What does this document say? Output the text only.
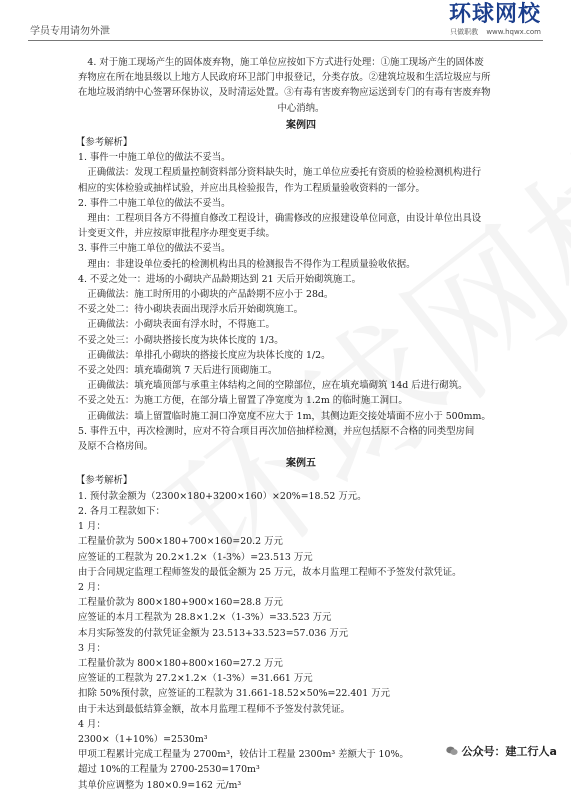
学员专用请勿外泄
环球网校
只做职教 www.hqwx.com

4. 对于施工现场产生的固体废弃物，施工单位应按如下方式进行处理：①施工现场产生的固体废

弃物应在所在地县级以上地方人民政府环卫部门申报登记，分类存放。②建筑垃圾和生活垃圾应与所

在地垃圾消纳中心签署环保协议，及时清运处置。③有毒有害废弃物应运送到专门的有毒有害废弃物

中心消纳。

案例四

【参考解析】

1. 事件一中施工单位的做法不妥当。

正确做法：发现工程质量控制资料部分资料缺失时，施工单位应委托有资质的检验检测机构进行

相应的实体检验或抽样试验，并应出具检验报告，作为工程质量验收资料的一部分。

2. 事件二中施工单位的做法不妥当。

理由：工程项目各方不得擅自修改工程设计，确需修改的应报建设单位同意，由设计单位出具设

计变更文件，并应按原审批程序办理变更手续。

3. 事件三中施工单位的做法不妥当。

理由：非建设单位委托的检测机构出具的检测报告不得作为工程质量验收依据。

4. 不妥之处一：进场的小砌块产品龄期达到 21 天后开始砌筑施工。

正确做法：施工时所用的小砌块的产品龄期不应小于 28d。

不妥之处二：待小砌块表面出现浮水后开始砌筑施工。

正确做法：小砌块表面有浮水时，不得施工。

不妥之处三：小砌块搭接长度为块体长度的 1/3。

正确做法：单排孔小砌块的搭接长度应为块体长度的 1/2。

不妥之处四：填充墙砌筑 7 天后进行顶砌施工。

正确做法：填充墙顶部与承重主体结构之间的空隙部位，应在填充墙砌筑 14d 后进行砌筑。

不妥之处五：为施工方便，在部分墙上留置了净宽度为 1.2m 的临时施工洞口。

正确做法：墙上留置临时施工洞口净宽度不应大于 1m，其侧边距交接处墙面不应小于 500mm。

5. 事件五中，再次检测时，应对不符合项目再次加倍抽样检测，并应包括原不合格的同类型房间

及原不合格房间。

案例五

【参考解析】

1. 预付款金额为（2300×180+3200×160）×20%=18.52 万元。

2. 各月工程款如下：

1 月：

工程量价款为 500×180+700×160=20.2 万元

应签证的工程款为 20.2×1.2×（1-3%）=23.513 万元

由于合同规定监理工程师签发的最低金额为 25 万元，故本月监理工程师不予签发付款凭证。

2 月：

工程量价款为 800×180+900×160=28.8 万元

应签证的本月工程款为 28.8×1.2×（1-3%）=33.523 万元

本月实际签发的付款凭证金额为 23.513+33.523=57.036 万元

3 月：

工程量价款为 800×180+800×160=27.2 万元

应签证的工程款为 27.2×1.2×（1-3%）=31.661 万元

扣除 50%预付款，应签证的工程款为 31.661-18.52×50%=22.401 万元

由于未达到最低结算金额，故本月监理工程师不予签发付款凭证。

4 月：

2300×（1+10%）=2530m³

甲项工程累计完成工程量为 2700m³，较估计工程量 2300m³ 差额大于 10%。

超过 10%的工程量为 2700-2530=170m³

其单价应调整为 180×0.9=162 元/m³

公众号：建工行人a
